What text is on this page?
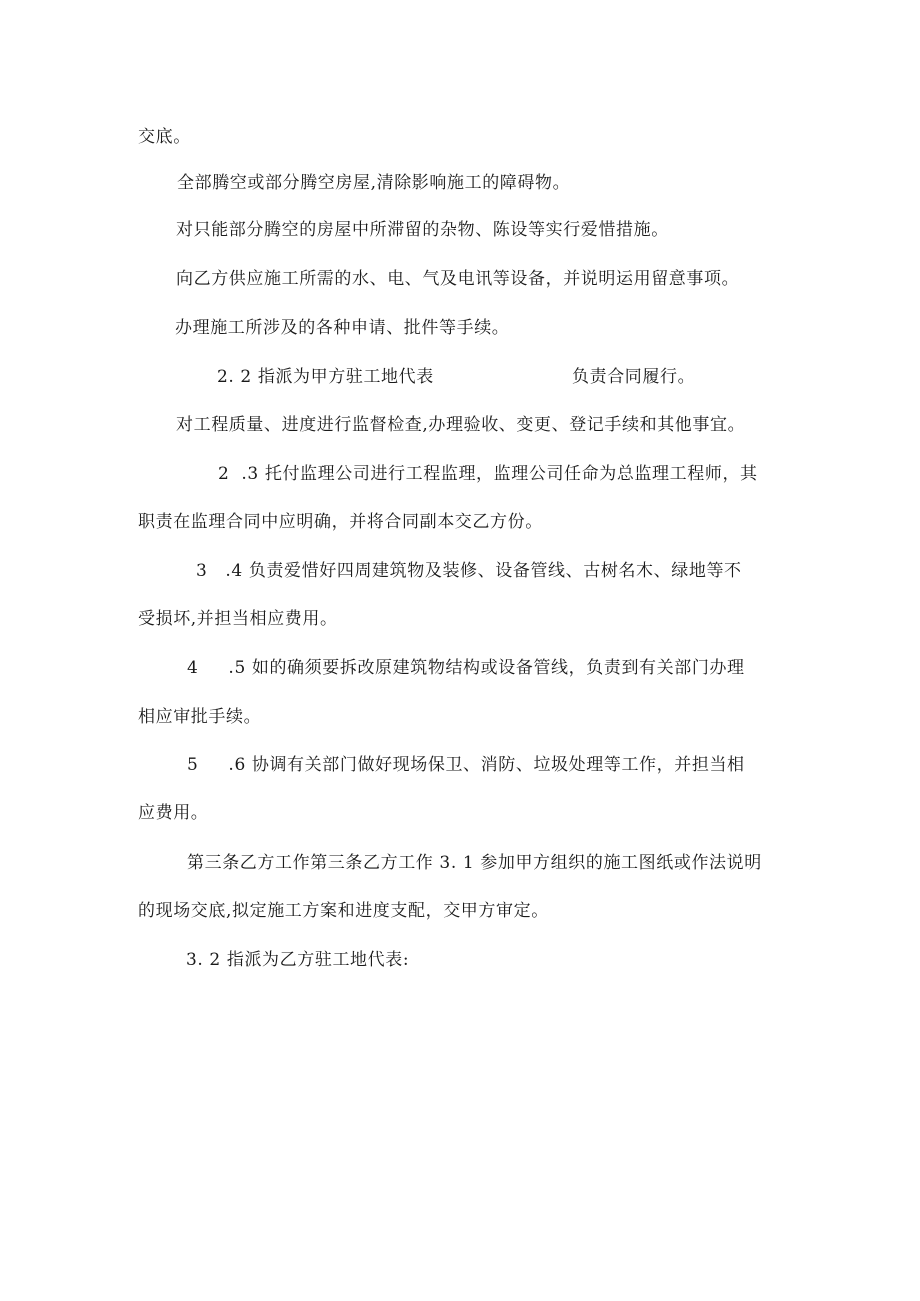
交底。
全部腾空或部分腾空房屋,清除影响施工的障碍物。
对只能部分腾空的房屋中所滞留的杂物、陈设等实行爱惜措施。
向乙方供应施工所需的水、电、气及电讯等设备，并说明运用留意事项。
办理施工所涉及的各种申请、批件等手续。
2. 2 指派为甲方驻工地代表	负责合同履行。
对工程质量、进度进行监督检查,办理验收、变更、登记手续和其他事宜。
2  .3 托付监理公司进行工程监理，监理公司任命为总监理工程师，其
职责在监理合同中应明确，并将合同副本交乙方份。
3   .4 负责爱惜好四周建筑物及装修、设备管线、古树名木、绿地等不
受损坏,并担当相应费用。
4     .5 如的确须要拆改原建筑物结构或设备管线，负责到有关部门办理
相应审批手续。
5     .6 协调有关部门做好现场保卫、消防、垃圾处理等工作，并担当相
应费用。
第三条乙方工作第三条乙方工作 3. 1 参加甲方组织的施工图纸或作法说明
的现场交底,拟定施工方案和进度支配，交甲方审定。
3. 2 指派为乙方驻工地代表:
